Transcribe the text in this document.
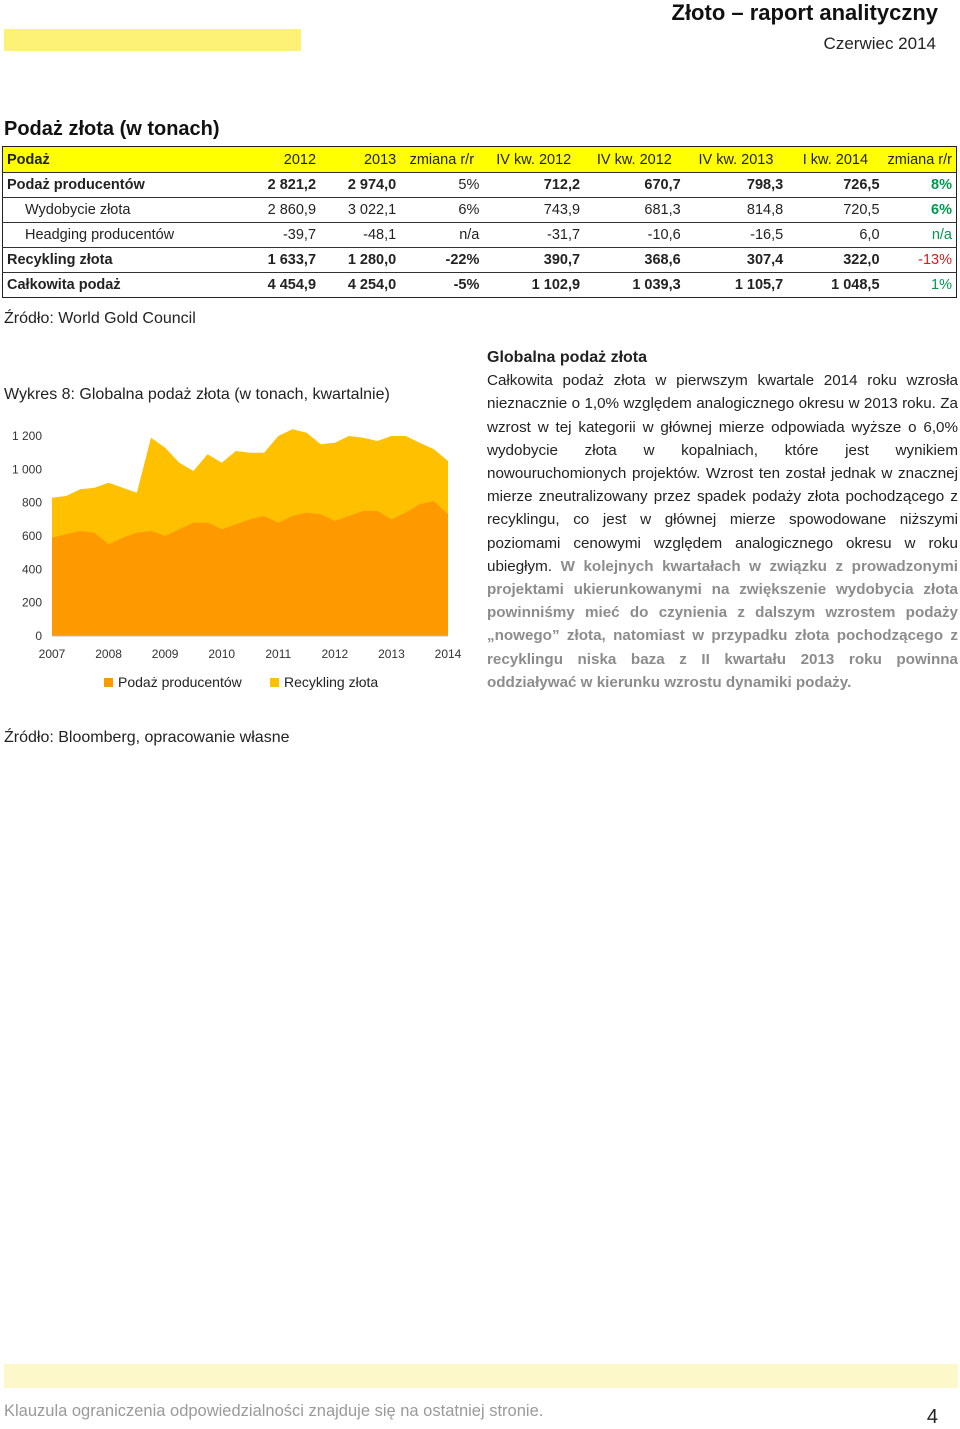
Złoto – raport analityczny
Czerwiec 2014
Podaż złota (w tonach)
Podaż	2012	2013	zmiana r/r	IV kw. 2012	IV kw. 2012	IV kw. 2013	I kw. 2014	zmiana r/r
Podaż producentów	2 821,2	2 974,0	5%	712,2	670,7	798,3	726,5	8%
Wydobycie złota	2 860,9	3 022,1	6%	743,9	681,3	814,8	720,5	6%
Headging producentów	-39,7	-48,1	n/a	-31,7	-10,6	-16,5	6,0	n/a
Recykling złota	1 633,7	1 280,0	-22%	390,7	368,6	307,4	322,0	-13%
Całkowita podaż	4 454,9	4 254,0	-5%	1 102,9	1 039,3	1 105,7	1 048,5	1%
Źródło: World Gold Council
Wykres 8: Globalna podaż złota (w tonach, kwartalnie)
0
200
400
600
800
1 000
1 200
2007 2008 2009 2010	2011	2012 2013 2014
Podaż producentów	Recykling złota
Źródło: Bloomberg, opracowanie własne
Globalna podaż złota
Całkowita podaż złota w pierwszym kwartale 2014 roku wzrosła nieznacznie o 1,0% względem analogicznego okresu w 2013 roku. Za wzrost w tej kategorii w głównej mierze odpowiada wyższe o 6,0% wydobycie złota w kopalniach, które jest wynikiem nowouruchomionych projektów. Wzrost ten został jednak w znacznej mierze zneutralizowany przez spadek podaży złota pochodzącego z recyklingu, co jest w głównej mierze spowodowane niższymi poziomami cenowymi względem analogicznego okresu w roku ubiegłym. W kolejnych kwartałach w związku z prowadzonymi projektami ukierunkowanymi na zwiększenie wydobycia złota powinniśmy mieć do czynienia z dalszym wzrostem podaży „nowego” złota, natomiast w przypadku złota pochodzącego z recyklingu niska baza z II kwartału 2013 roku powinna oddziaływać w kierunku wzrostu dynamiki podaży.
Klauzula ograniczenia odpowiedzialności znajduje się na ostatniej stronie.	4
